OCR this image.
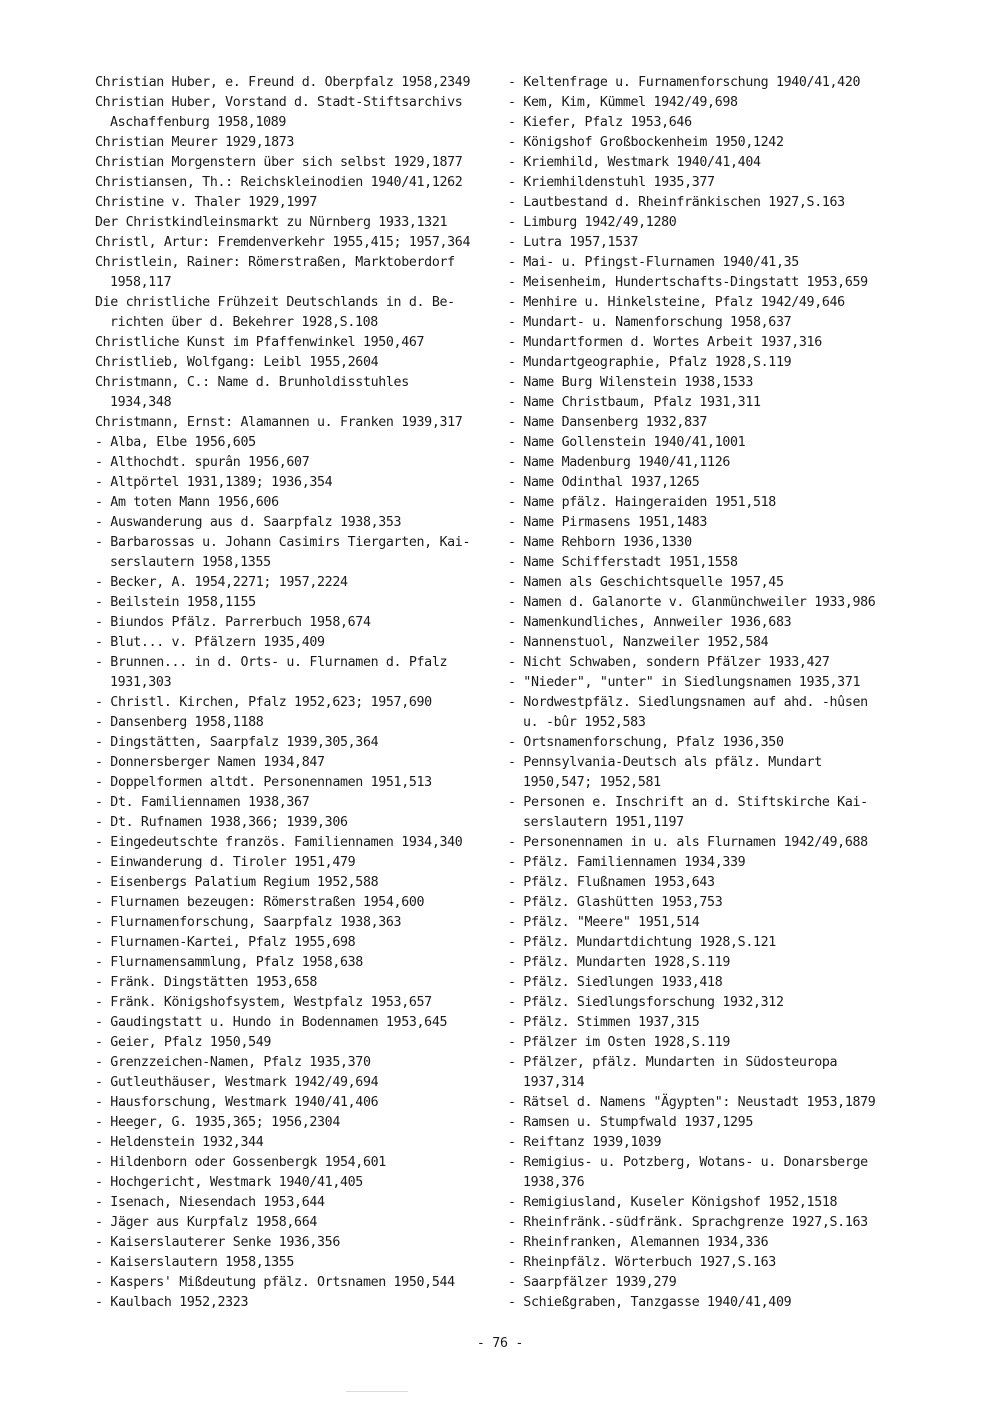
Christian Huber, e. Freund d. Oberpfalz 1958,2349
Christian Huber, Vorstand d. Stadt-Stiftsarchivs
Aschaffenburg 1958,1089
Christian Meurer 1929,1873
Christian Morgenstern über sich selbst 1929,1877
Christiansen, Th.: Reichskleinodien 1940/41,1262
Christine v. Thaler 1929,1997
Der Christkindleinsmarkt zu Nürnberg 1933,1321
Christl, Artur: Fremdenverkehr 1955,415; 1957,364
Christlein, Rainer: Römerstraßen, Marktoberdorf
1958,117
Die christliche Frühzeit Deutschlands in d. Be-
richten über d. Bekehrer 1928,S.108
Christliche Kunst im Pfaffenwinkel 1950,467
Christlieb, Wolfgang: Leibl 1955,2604
Christmann, C.: Name d. Brunholdisstuhles
1934,348
Christmann, Ernst: Alamannen u. Franken 1939,317
- Alba, Elbe 1956,605
- Althochdt. spurân 1956,607
- Altpörtel 1931,1389; 1936,354
- Am toten Mann 1956,606
- Auswanderung aus d. Saarpfalz 1938,353
- Barbarossas u. Johann Casimirs Tiergarten, Kai-
serslautern 1958,1355
- Becker, A. 1954,2271; 1957,2224
- Beilstein 1958,1155
- Biundos Pfälz. Parrerbuch 1958,674
- Blut... v. Pfälzern 1935,409
- Brunnen... in d. Orts- u. Flurnamen d. Pfalz
1931,303
- Christl. Kirchen, Pfalz 1952,623; 1957,690
- Dansenberg 1958,1188
- Dingstätten, Saarpfalz 1939,305,364
- Donnersberger Namen 1934,847
- Doppelformen altdt. Personennamen 1951,513
- Dt. Familiennamen 1938,367
- Dt. Rufnamen 1938,366; 1939,306
- Eingedeutschte französ. Familiennamen 1934,340
- Einwanderung d. Tiroler 1951,479
- Eisenbergs Palatium Regium 1952,588
- Flurnamen bezeugen: Römerstraßen 1954,600
- Flurnamenforschung, Saarpfalz 1938,363
- Flurnamen-Kartei, Pfalz 1955,698
- Flurnamensammlung, Pfalz 1958,638
- Fränk. Dingstätten 1953,658
- Fränk. Königshofsystem, Westpfalz 1953,657
- Gaudingstatt u. Hundo in Bodennamen 1953,645
- Geier, Pfalz 1950,549
- Grenzzeichen-Namen, Pfalz 1935,370
- Gutleuthäuser, Westmark 1942/49,694
- Hausforschung, Westmark 1940/41,406
- Heeger, G. 1935,365; 1956,2304
- Heldenstein 1932,344
- Hildenborn oder Gossenbergk 1954,601
- Hochgericht, Westmark 1940/41,405
- Isenach, Niesendach 1953,644
- Jäger aus Kurpfalz 1958,664
- Kaiserslauterer Senke 1936,356
- Kaiserslautern 1958,1355
- Kaspers' Mißdeutung pfälz. Ortsnamen 1950,544
- Kaulbach 1952,2323
- Keltenfrage u. Furnamenforschung 1940/41,420
- Kem, Kim, Kümmel 1942/49,698
- Kiefer, Pfalz 1953,646
- Königshof Großbockenheim 1950,1242
- Kriemhild, Westmark 1940/41,404
- Kriemhildenstuhl 1935,377
- Lautbestand d. Rheinfränkischen 1927,S.163
- Limburg 1942/49,1280
- Lutra 1957,1537
- Mai- u. Pfingst-Flurnamen 1940/41,35
- Meisenheim, Hundertschafts-Dingstatt 1953,659
- Menhire u. Hinkelsteine, Pfalz 1942/49,646
- Mundart- u. Namenforschung 1958,637
- Mundartformen d. Wortes Arbeit 1937,316
- Mundartgeographie, Pfalz 1928,S.119
- Name Burg Wilenstein 1938,1533
- Name Christbaum, Pfalz 1931,311
- Name Dansenberg 1932,837
- Name Gollenstein 1940/41,1001
- Name Madenburg 1940/41,1126
- Name Odinthal 1937,1265
- Name pfälz. Haingeraiden 1951,518
- Name Pirmasens 1951,1483
- Name Rehborn 1936,1330
- Name Schifferstadt 1951,1558
- Namen als Geschichtsquelle 1957,45
- Namen d. Galanorte v. Glanmünchweiler 1933,986
- Namenkundliches, Annweiler 1936,683
- Nannenstuol, Nanzweiler 1952,584
- Nicht Schwaben, sondern Pfälzer 1933,427
- "Nieder", "unter" in Siedlungsnamen 1935,371
- Nordwestpfälz. Siedlungsnamen auf ahd. -hûsen
u. -bûr 1952,583
- Ortsnamenforschung, Pfalz 1936,350
- Pennsylvania-Deutsch als pfälz. Mundart
1950,547; 1952,581
- Personen e. Inschrift an d. Stiftskirche Kai-
serslautern 1951,1197
- Personennamen in u. als Flurnamen 1942/49,688
- Pfälz. Familiennamen 1934,339
- Pfälz. Flußnamen 1953,643
- Pfälz. Glashütten 1953,753
- Pfälz. "Meere" 1951,514
- Pfälz. Mundartdichtung 1928,S.121
- Pfälz. Mundarten 1928,S.119
- Pfälz. Siedlungen 1933,418
- Pfälz. Siedlungsforschung 1932,312
- Pfälz. Stimmen 1937,315
- Pfälzer im Osten 1928,S.119
- Pfälzer, pfälz. Mundarten in Südosteuropa
1937,314
- Rätsel d. Namens "Ägypten": Neustadt 1953,1879
- Ramsen u. Stumpfwald 1937,1295
- Reiftanz 1939,1039
- Remigius- u. Potzberg, Wotans- u. Donarsberge
1938,376
- Remigiusland, Kuseler Königshof 1952,1518
- Rheinfränk.-südfränk. Sprachgrenze 1927,S.163
- Rheinfranken, Alemannen 1934,336
- Rheinpfälz. Wörterbuch 1927,S.163
- Saarpfälzer 1939,279
- Schießgraben, Tanzgasse 1940/41,409
- 76 -
